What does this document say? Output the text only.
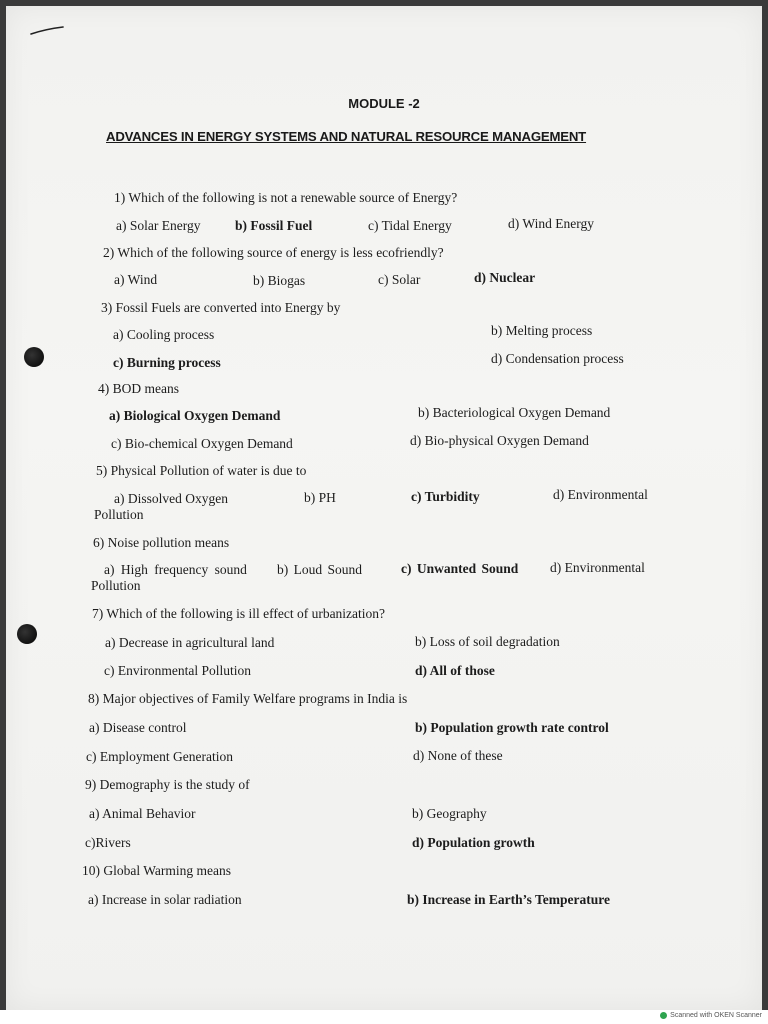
MODULE -2
ADVANCES IN ENERGY SYSTEMS AND NATURAL RESOURCE MANAGEMENT
1) Which of the following is not a renewable source of Energy?
a) Solar Energy	b) Fossil Fuel	c) Tidal Energy	d) Wind Energy
2) Which of the following source of energy is less ecofriendly?
a) Wind	b) Biogas	c) Solar	d) Nuclear
3) Fossil Fuels are converted into Energy by
a) Cooling process	b) Melting process
c) Burning process	d) Condensation process
4) BOD means
a) Biological Oxygen Demand	b) Bacteriological Oxygen Demand
c) Bio-chemical Oxygen Demand	d) Bio-physical Oxygen Demand
5) Physical Pollution of water is due to
a) Dissolved Oxygen	b) PH	c) Turbidity	d) Environmental
Pollution
6) Noise pollution means
a) High frequency sound b) Loud Sound	c) Unwanted Sound d) Environmental
Pollution
7) Which of the following is ill effect of urbanization?
a) Decrease in agricultural land	b) Loss of soil degradation
c) Environmental Pollution	d) All of those
8) Major objectives of Family Welfare programs in India is
a) Disease control	b) Population growth rate control
c) Employment Generation	d) None of these
9) Demography is the study of
a) Animal Behavior	b) Geography
c)Rivers	d) Population growth
10) Global Warming means
a) Increase in solar radiation	b) Increase in Earth’s Temperature
Scanned with OKEN Scanner
